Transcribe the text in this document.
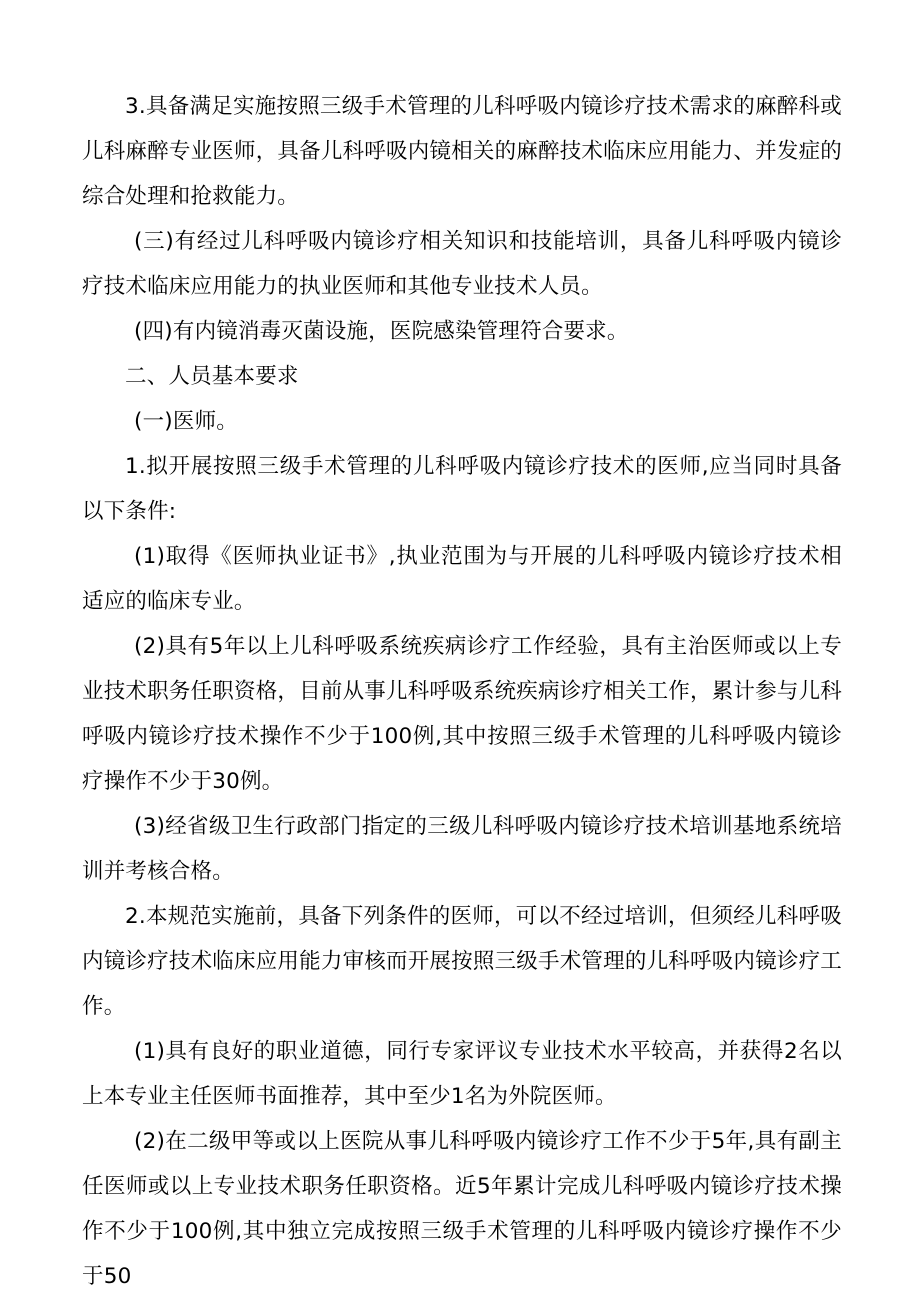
3.具备满足实施按照三级手术管理的儿科呼吸内镜诊疗技术需求的麻醉科或儿科麻醉专业医师，具备儿科呼吸内镜相关的麻醉技术临床应用能力、并发症的综合处理和抢救能力。

(三)有经过儿科呼吸内镜诊疗相关知识和技能培训，具备儿科呼吸内镜诊疗技术临床应用能力的执业医师和其他专业技术人员。

(四)有内镜消毒灭菌设施，医院感染管理符合要求。

二、人员基本要求

(一)医师。

1.拟开展按照三级手术管理的儿科呼吸内镜诊疗技术的医师,应当同时具备以下条件:

(1)取得《医师执业证书》,执业范围为与开展的儿科呼吸内镜诊疗技术相适应的临床专业。

(2)具有5年以上儿科呼吸系统疾病诊疗工作经验，具有主治医师或以上专业技术职务任职资格，目前从事儿科呼吸系统疾病诊疗相关工作，累计参与儿科呼吸内镜诊疗技术操作不少于100例,其中按照三级手术管理的儿科呼吸内镜诊疗操作不少于30例。

(3)经省级卫生行政部门指定的三级儿科呼吸内镜诊疗技术培训基地系统培训并考核合格。

2.本规范实施前，具备下列条件的医师，可以不经过培训，但须经儿科呼吸内镜诊疗技术临床应用能力审核而开展按照三级手术管理的儿科呼吸内镜诊疗工作。

(1)具有良好的职业道德，同行专家评议专业技术水平较高，并获得2名以上本专业主任医师书面推荐，其中至少1名为外院医师。

(2)在二级甲等或以上医院从事儿科呼吸内镜诊疗工作不少于5年,具有副主任医师或以上专业技术职务任职资格。近5年累计完成儿科呼吸内镜诊疗技术操作不少于100例,其中独立完成按照三级手术管理的儿科呼吸内镜诊疗操作不少于50
